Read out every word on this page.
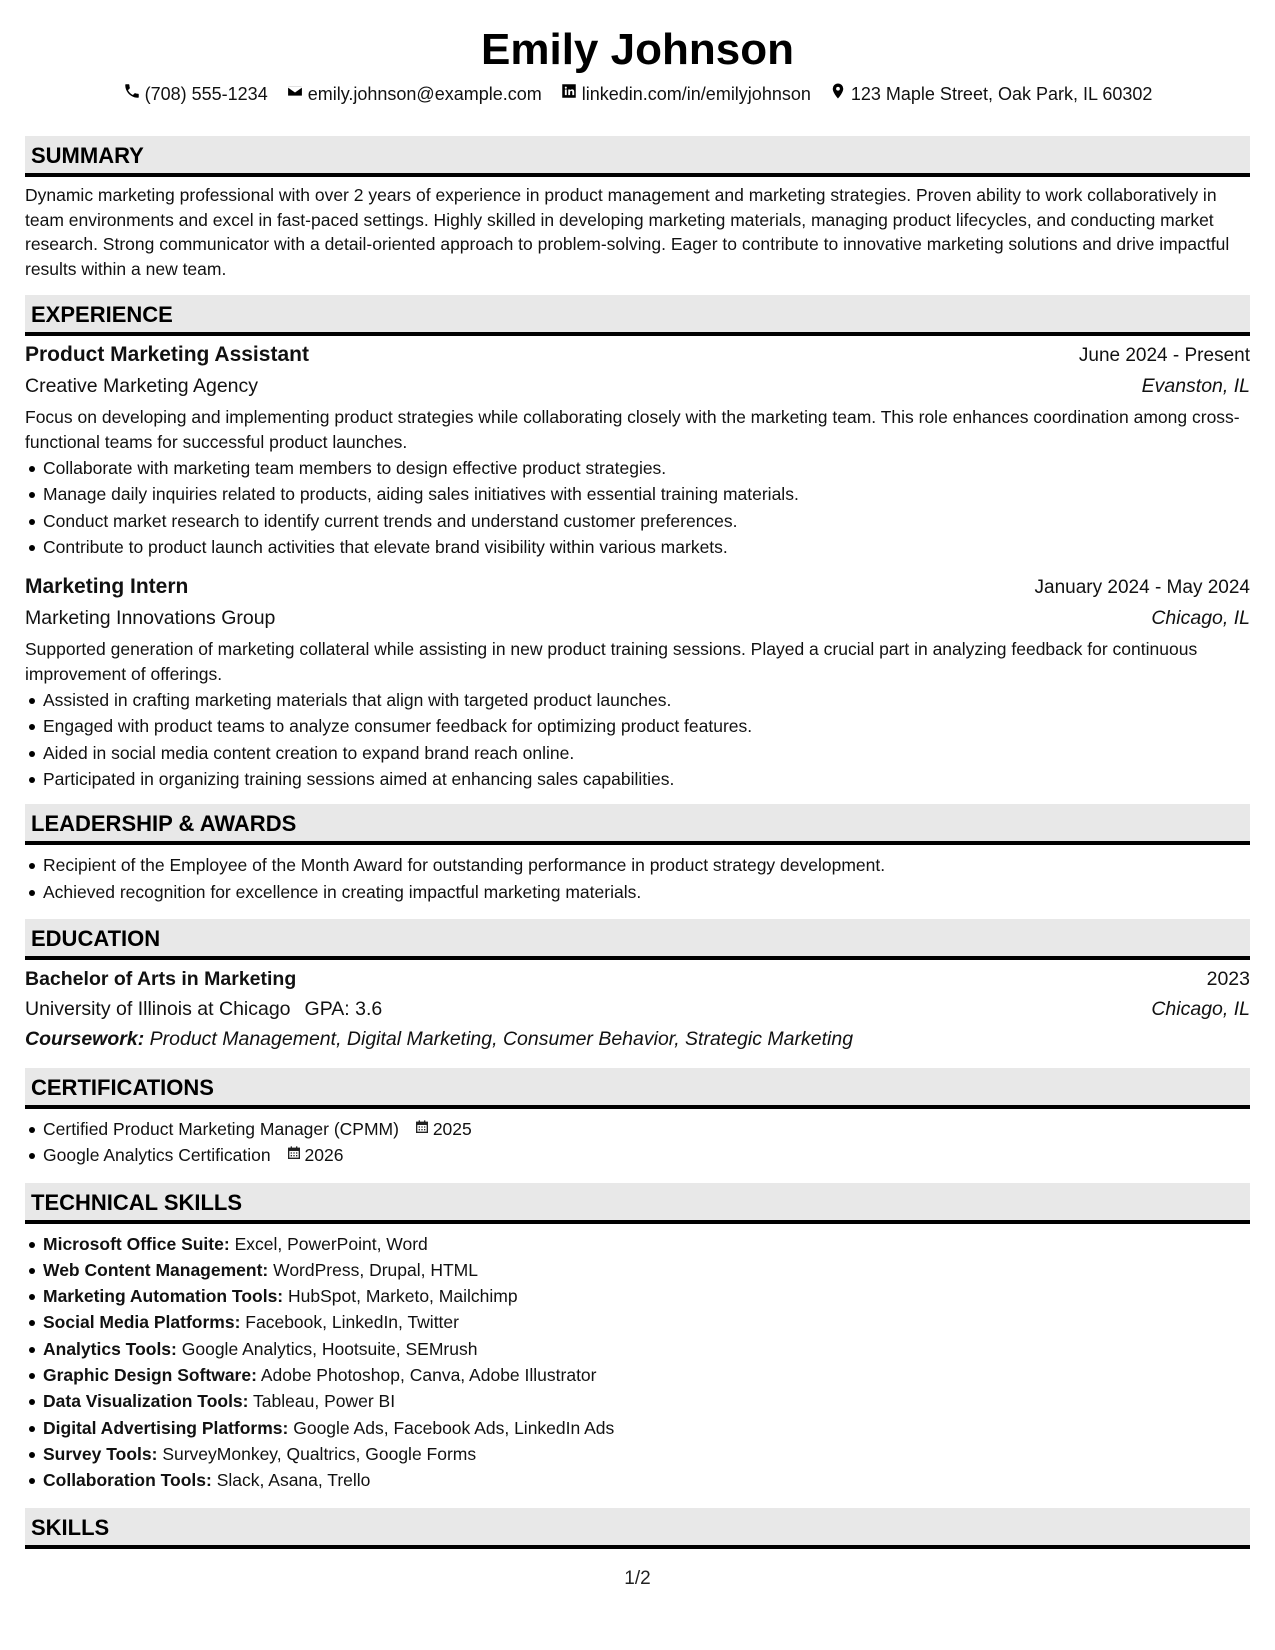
Emily Johnson
(708) 555-1234 emily.johnson@example.com linkedin.com/in/emilyjohnson 123 Maple Street, Oak Park, IL 60302
SUMMARY

Dynamic marketing professional with over 2 years of experience in product management and marketing strategies. Proven ability to work collaboratively in team environments and excel in fast-paced settings. Highly skilled in developing marketing materials, managing product lifecycles, and conducting market research. Strong communicator with a detail-oriented approach to problem-solving. Eager to contribute to innovative marketing solutions and drive impactful results within a new team.

EXPERIENCE
Product Marketing Assistant	June 2024 - Present
Creative Marketing Agency	Evanston, IL

Focus on developing and implementing product strategies while collaborating closely with the marketing team. This role enhances coordination among cross-functional teams for successful product launches.

Collaborate with marketing team members to design effective product strategies.
Manage daily inquiries related to products, aiding sales initiatives with essential training materials.
Conduct market research to identify current trends and understand customer preferences.
Contribute to product launch activities that elevate brand visibility within various markets.
Marketing Intern	January 2024 - May 2024
Marketing Innovations Group	Chicago, IL

Supported generation of marketing collateral while assisting in new product training sessions. Played a crucial part in analyzing feedback for continuous improvement of offerings.

Assisted in crafting marketing materials that align with targeted product launches.
Engaged with product teams to analyze consumer feedback for optimizing product features.
Aided in social media content creation to expand brand reach online.
Participated in organizing training sessions aimed at enhancing sales capabilities.
LEADERSHIP & AWARDS
Recipient of the Employee of the Month Award for outstanding performance in product strategy development.
Achieved recognition for excellence in creating impactful marketing materials.
EDUCATION
Bachelor of Arts in Marketing	2023
University of Illinois at Chicago GPA: 3.6	Chicago, IL
Coursework: Product Management, Digital Marketing, Consumer Behavior, Strategic Marketing
CERTIFICATIONS
Certified Product Marketing Manager (CPMM) 2025
Google Analytics Certification 2026
TECHNICAL SKILLS
Microsoft Office Suite: Excel, PowerPoint, Word
Web Content Management: WordPress, Drupal, HTML
Marketing Automation Tools: HubSpot, Marketo, Mailchimp
Social Media Platforms: Facebook, LinkedIn, Twitter
Analytics Tools: Google Analytics, Hootsuite, SEMrush
Graphic Design Software: Adobe Photoshop, Canva, Adobe Illustrator
Data Visualization Tools: Tableau, Power BI
Digital Advertising Platforms: Google Ads, Facebook Ads, LinkedIn Ads
Survey Tools: SurveyMonkey, Qualtrics, Google Forms
Collaboration Tools: Slack, Asana, Trello
SKILLS
1/2
